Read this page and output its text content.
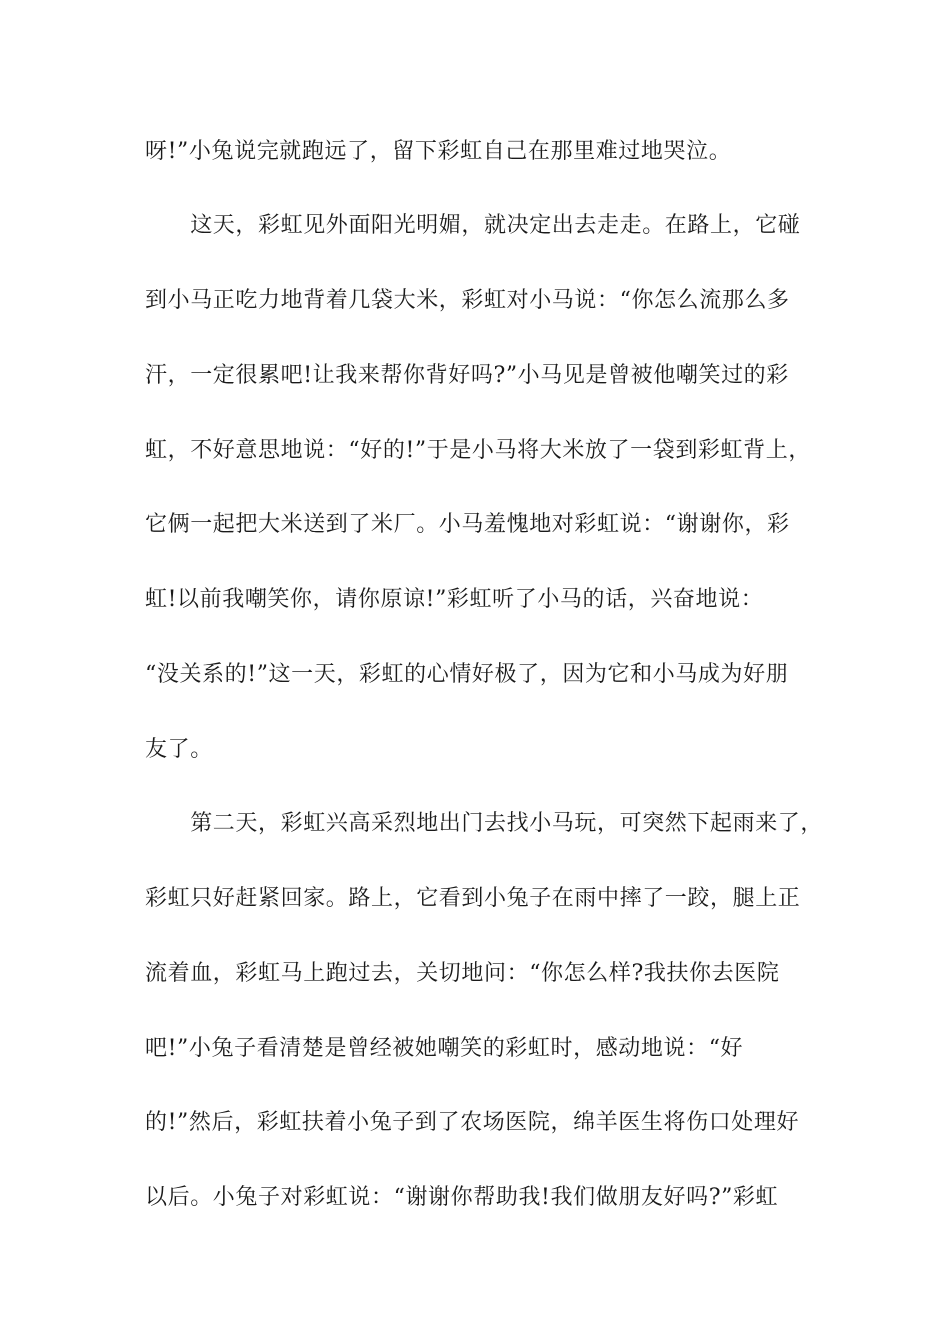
呀!”小兔说完就跑远了，留下彩虹自己在那里难过地哭泣。
　　这天，彩虹见外面阳光明媚，就决定出去走走。在路上，它碰
到小马正吃力地背着几袋大米，彩虹对小马说：“你怎么流那么多
汗，一定很累吧!让我来帮你背好吗?”小马见是曾被他嘲笑过的彩
虹，不好意思地说：“好的!”于是小马将大米放了一袋到彩虹背上，
它俩一起把大米送到了米厂。小马羞愧地对彩虹说：“谢谢你，彩
虹!以前我嘲笑你，请你原谅!”彩虹听了小马的话，兴奋地说：
“没关系的!”这一天，彩虹的心情好极了，因为它和小马成为好朋
友了。
　　第二天，彩虹兴高采烈地出门去找小马玩，可突然下起雨来了，
彩虹只好赶紧回家。路上，它看到小兔子在雨中摔了一跤，腿上正
流着血，彩虹马上跑过去，关切地问：“你怎么样?我扶你去医院
吧!”小兔子看清楚是曾经被她嘲笑的彩虹时，感动地说：“好
的!”然后，彩虹扶着小兔子到了农场医院，绵羊医生将伤口处理好
以后。小兔子对彩虹说：“谢谢你帮助我!我们做朋友好吗?”彩虹
